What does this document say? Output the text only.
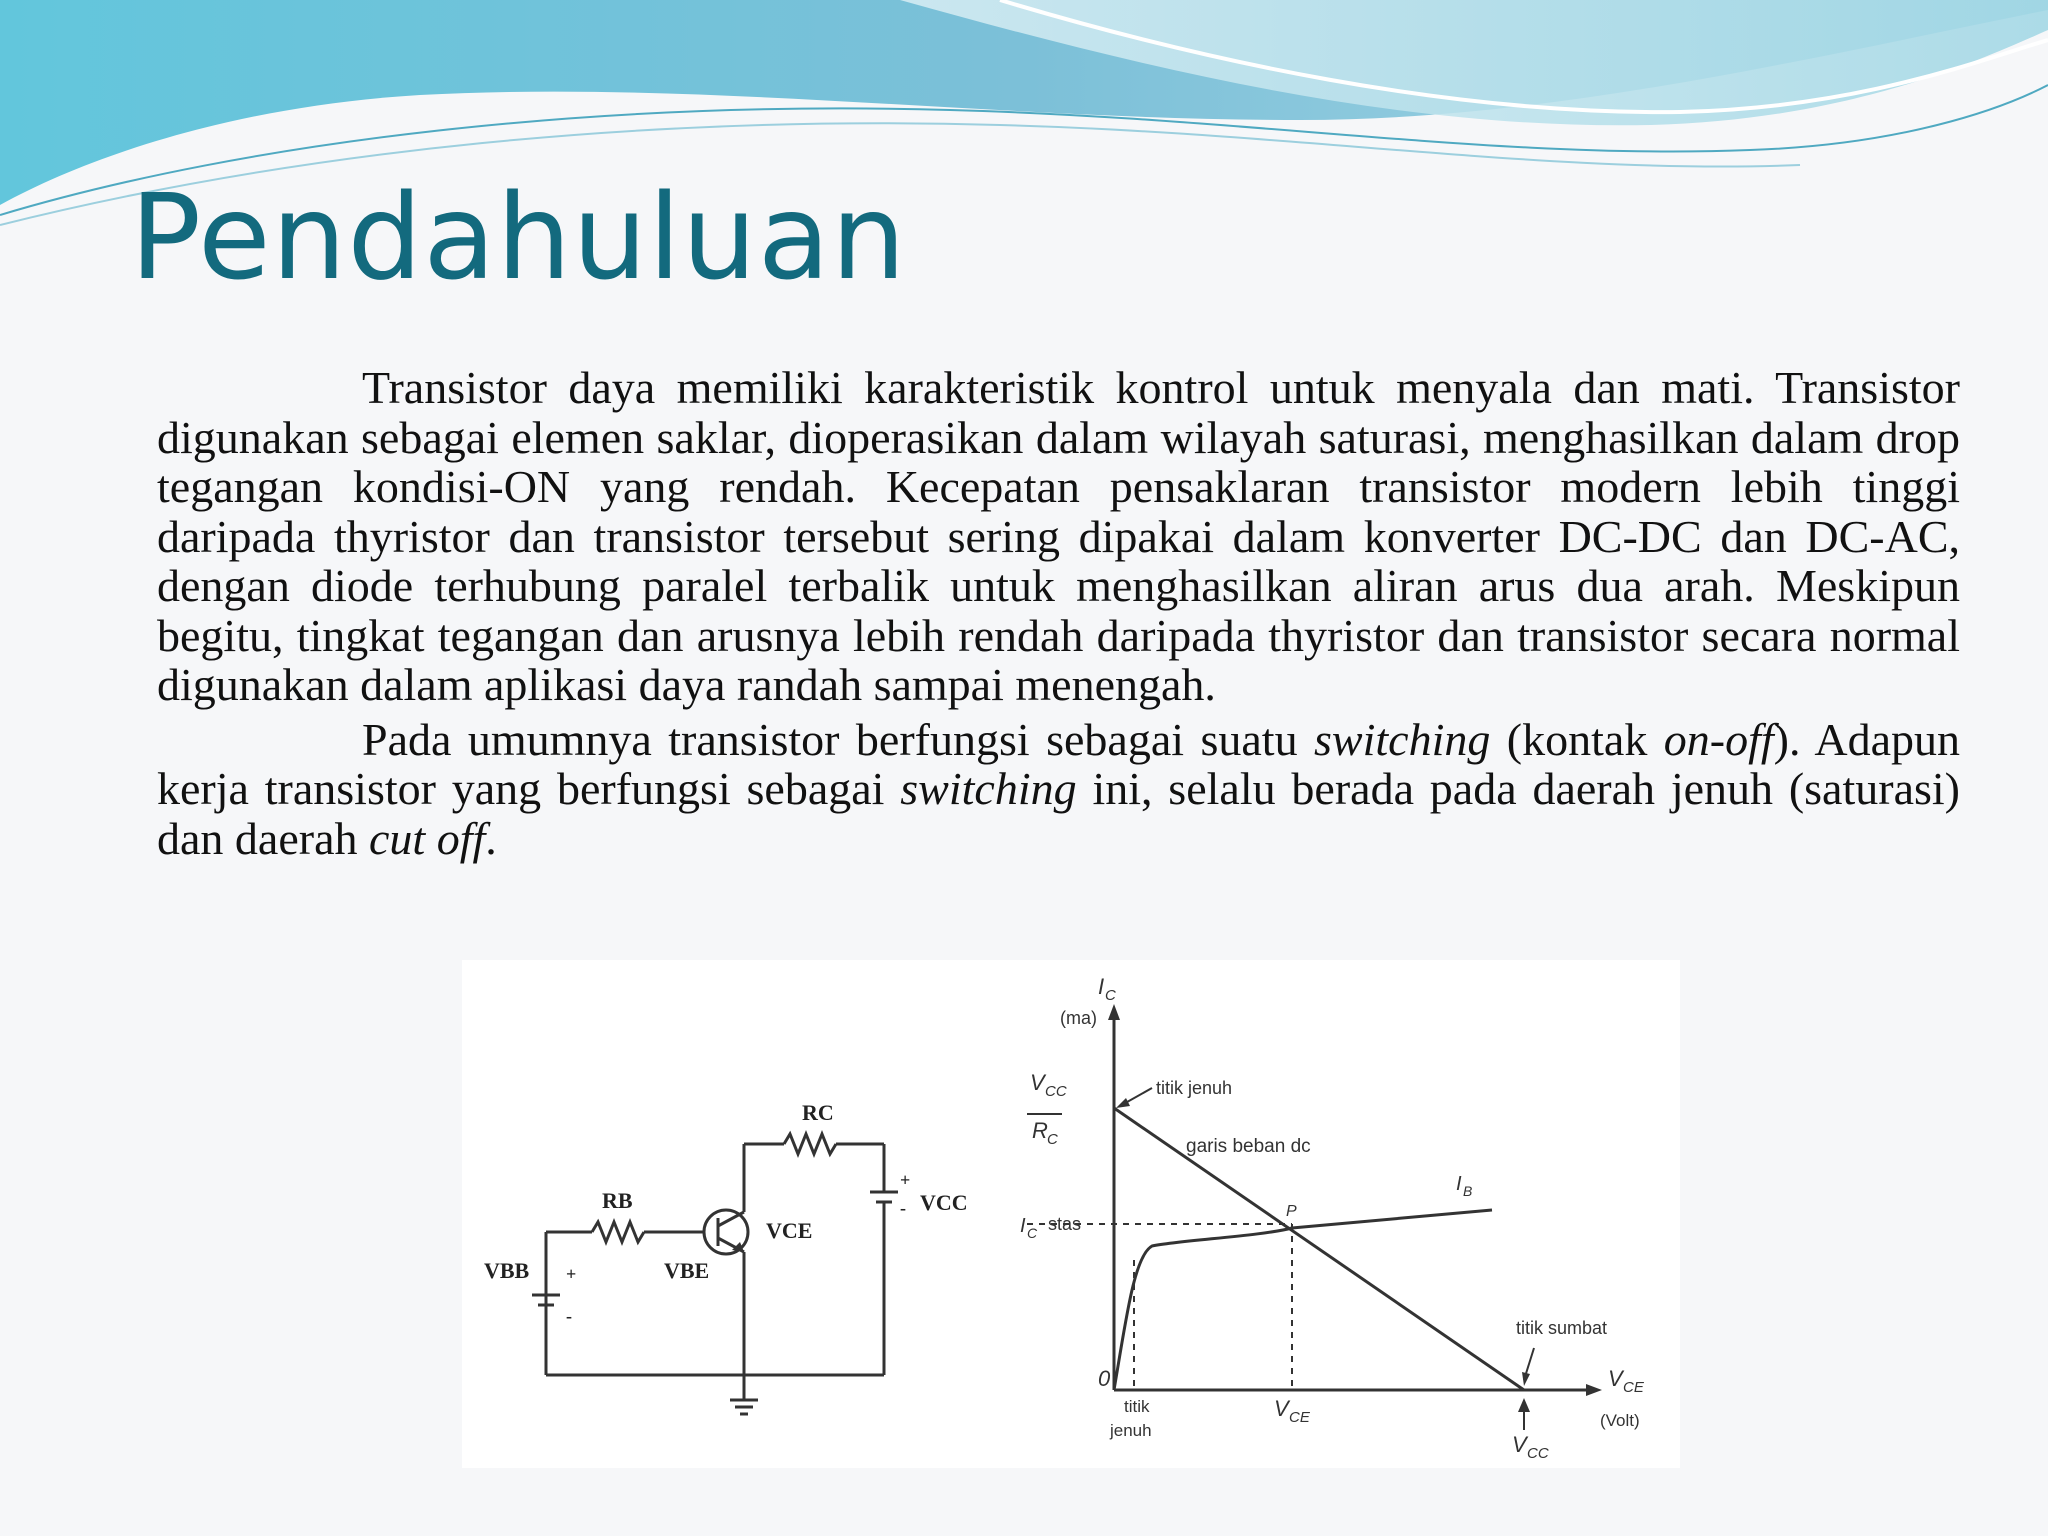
Pendahuluan

Transistor daya memiliki karakteristik kontrol untuk menyala dan mati. Transistor digunakan sebagai elemen saklar, dioperasikan dalam wilayah saturasi, menghasilkan dalam drop tegangan kondisi-ON yang rendah. Kecepatan pensaklaran transistor modern lebih tinggi daripada thyristor dan transistor tersebut sering dipakai dalam konverter DC-DC dan DC-AC, dengan diode terhubung paralel terbalik untuk menghasilkan aliran arus dua arah. Meskipun begitu, tingkat tegangan dan arusnya lebih rendah daripada thyristor dan transistor secara normal digunakan dalam aplikasi daya randah sampai menengah.

Pada umumnya transistor berfungsi sebagai suatu switching (kontak on-off). Adapun kerja transistor yang berfungsi sebagai switching ini, selalu berada pada daerah jenuh (saturasi) dan daerah cut off.

RB
RC
VBB	VBE
VCE
VCC
+
-
+
-
I C
(ma)
V CC
R C
titik jenuh
garis beban dc
I B
I C stas
P
titik sumbat
0	V CE
(Volt)
titik
jenuh
V CE
V CC
